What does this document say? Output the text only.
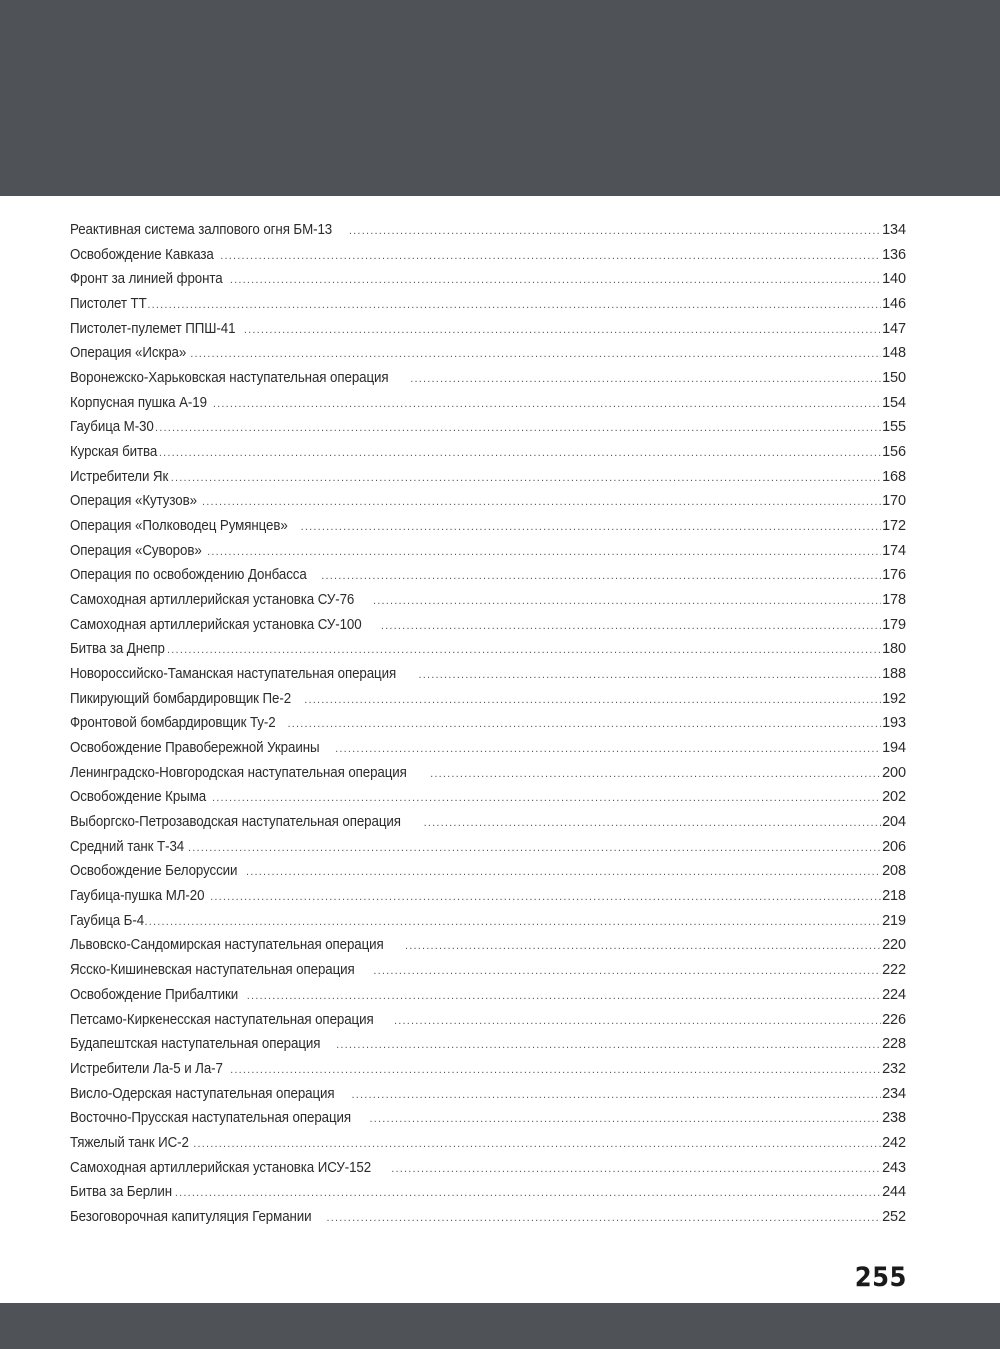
Реактивная система залпового огня БМ-13 .....	134
Освобождение Кавказа .....	136
Фронт за линией фронта .....	140
Пистолет ТТ .....	146
Пистолет-пулемет ППШ-41 .....	147
Операция «Искра» .....	148
Воронежско-Харьковская наступательная операция .....	150
Корпусная пушка А-19 .....	154
Гаубица М-30 .....	155
Курская битва .....	156
Истребители Як .....	168
Операция «Кутузов» .....	170
Операция «Полководец Румянцев» .....	172
Операция «Суворов» .....	174
Операция по освобождению Донбасса .....	176
Самоходная артиллерийская установка СУ-76 .....	178
Самоходная артиллерийская установка СУ-100 .....	179
Битва за Днепр .....	180
Новороссийско-Таманская наступательная операция .....	188
Пикирующий бомбардировщик Пе-2 .....	192
Фронтовой бомбардировщик Ту-2 .....	193
Освобождение Правобережной Украины .....	194
Ленинградско-Новгородская наступательная операция .....	200
Освобождение Крыма .....	202
Выборгско-Петрозаводская наступательная операция .....	204
Средний танк Т-34 .....	206
Освобождение Белоруссии .....	208
Гаубица-пушка МЛ-20 .....	218
Гаубица Б-4 .....	219
Львовско-Сандомирская наступательная операция .....	220
Ясско-Кишиневская наступательная операция .....	222
Освобождение Прибалтики .....	224
Петсамо-Киркенесская наступательная операция .....	226
Будапештская наступательная операция .....	228
Истребители Ла-5 и Ла-7 .....	232
Висло-Одерская наступательная операция .....	234
Восточно-Прусская наступательная операция .....	238
Тяжелый танк ИС-2 .....	242
Самоходная артиллерийская установка ИСУ-152 .....	243
Битва за Берлин .....	244
Безоговорочная капитуляция Германии .....	252
255
